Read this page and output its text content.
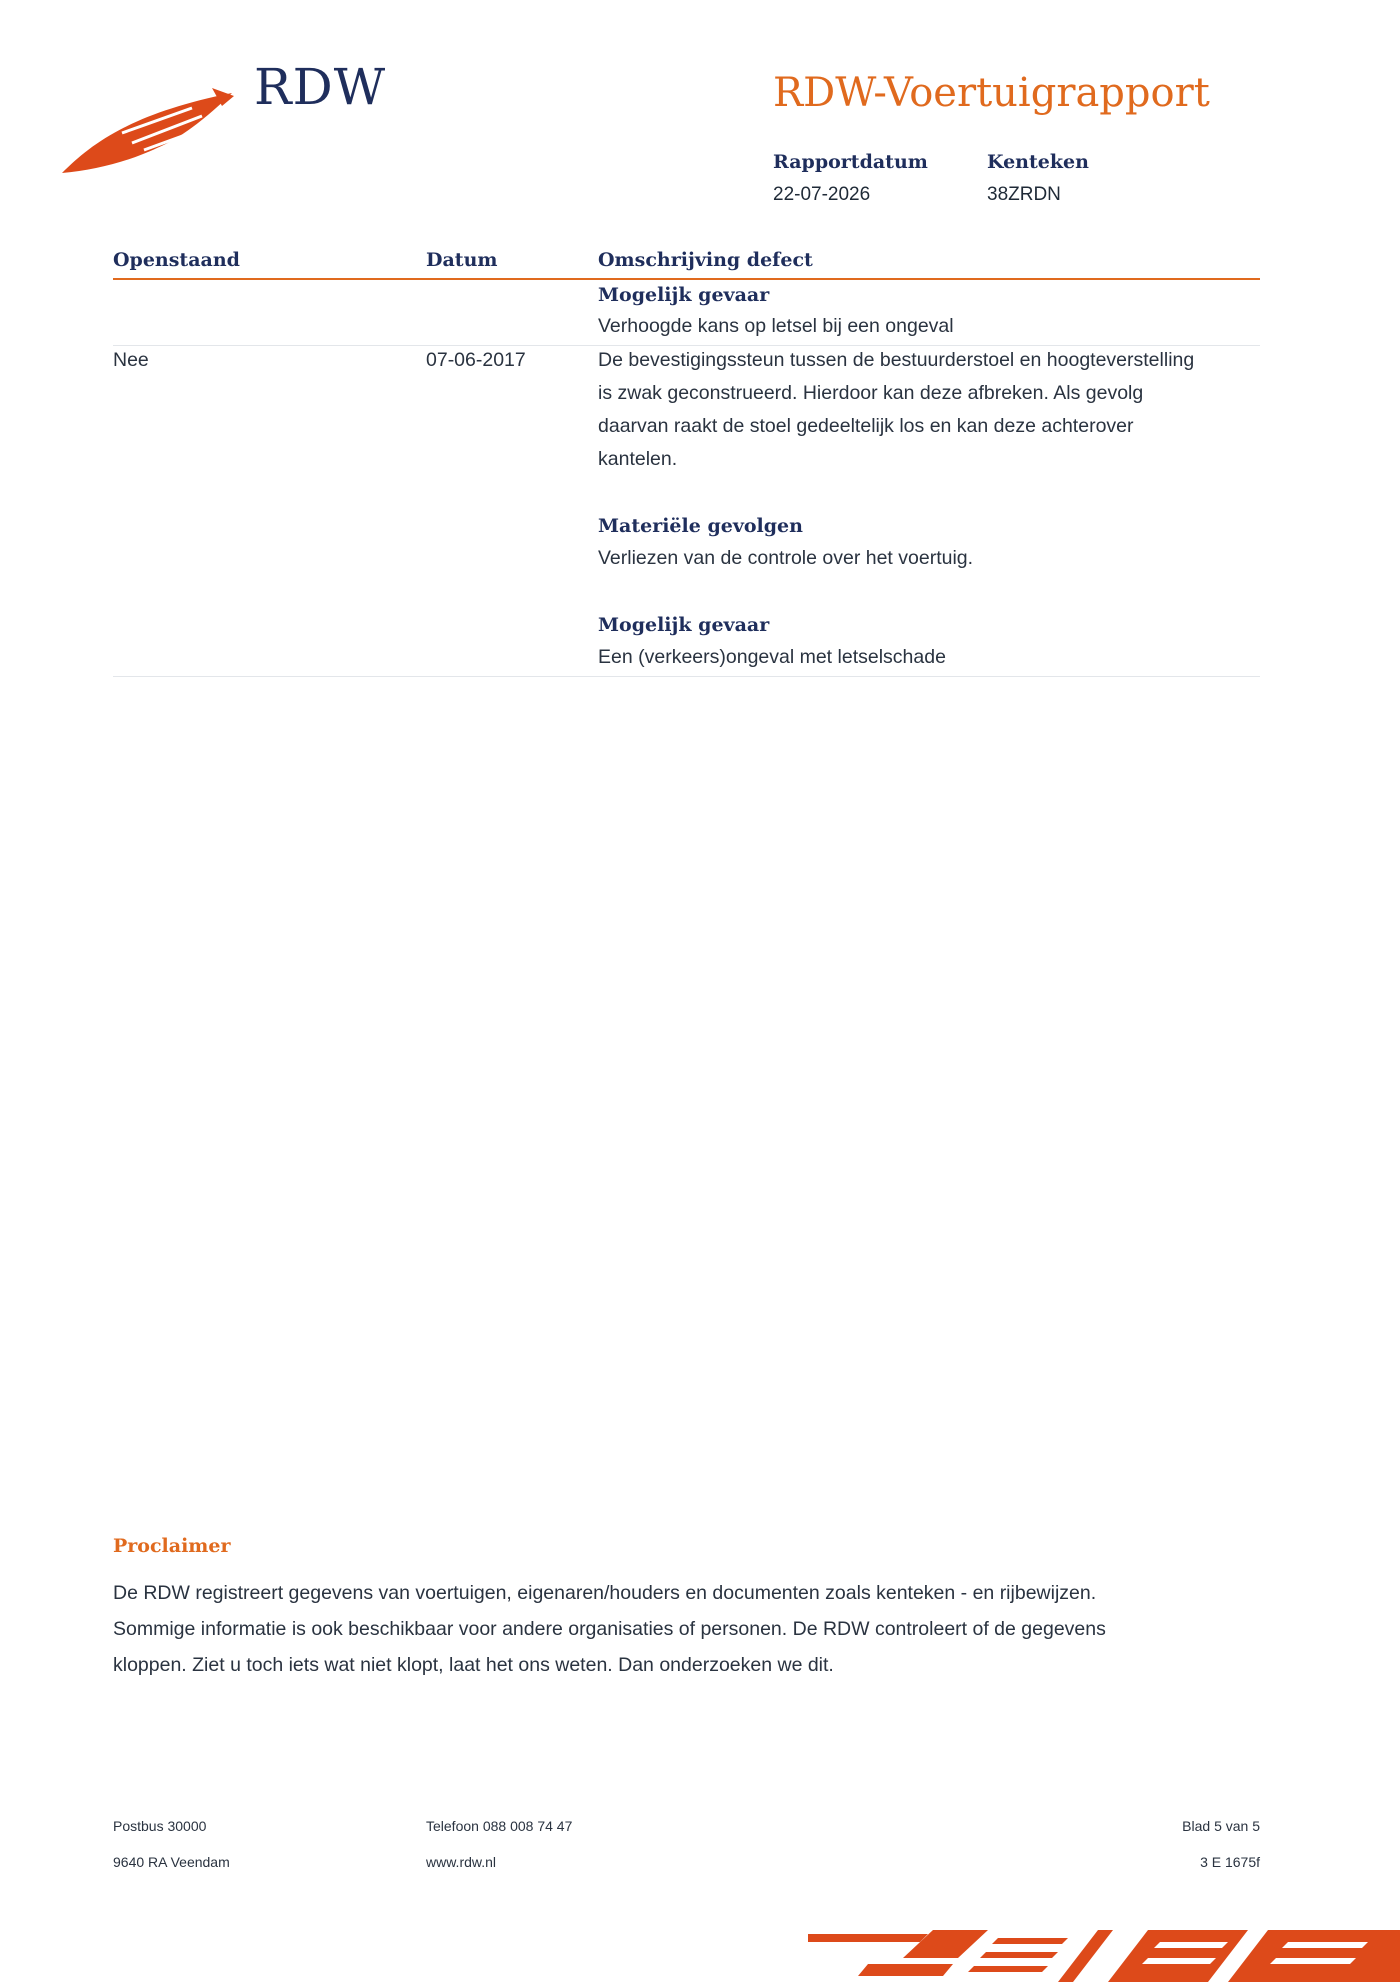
RDW	RDW-Voertuigrapport
Rapportdatum
22-07-2026
Kenteken
38ZRDN
Openstaand	Datum	Omschrijving defect
Mogelijk gevaar
Verhoogde kans op letsel bij een ongeval
Nee	07-06-2017	De bevestigingssteun tussen de bestuurderstoel en hoogteverstelling
is zwak geconstrueerd. Hierdoor kan deze afbreken. Als gevolg
daarvan raakt de stoel gedeeltelijk los en kan deze achterover
kantelen.
Materiële gevolgen
Verliezen van de controle over het voertuig.
Mogelijk gevaar
Een (verkeers)ongeval met letselschade
Proclaimer
De RDW registreert gegevens van voertuigen, eigenaren/houders en documenten zoals kenteken - en rijbewijzen.
Sommige informatie is ook beschikbaar voor andere organisaties of personen. De RDW controleert of de gegevens
kloppen. Ziet u toch iets wat niet klopt, laat het ons weten. Dan onderzoeken we dit.
Postbus 30000
9640 RA Veendam
Telefoon 088 008 74 47
www.rdw.nl
Blad 5 van 5
3 E 1675f
